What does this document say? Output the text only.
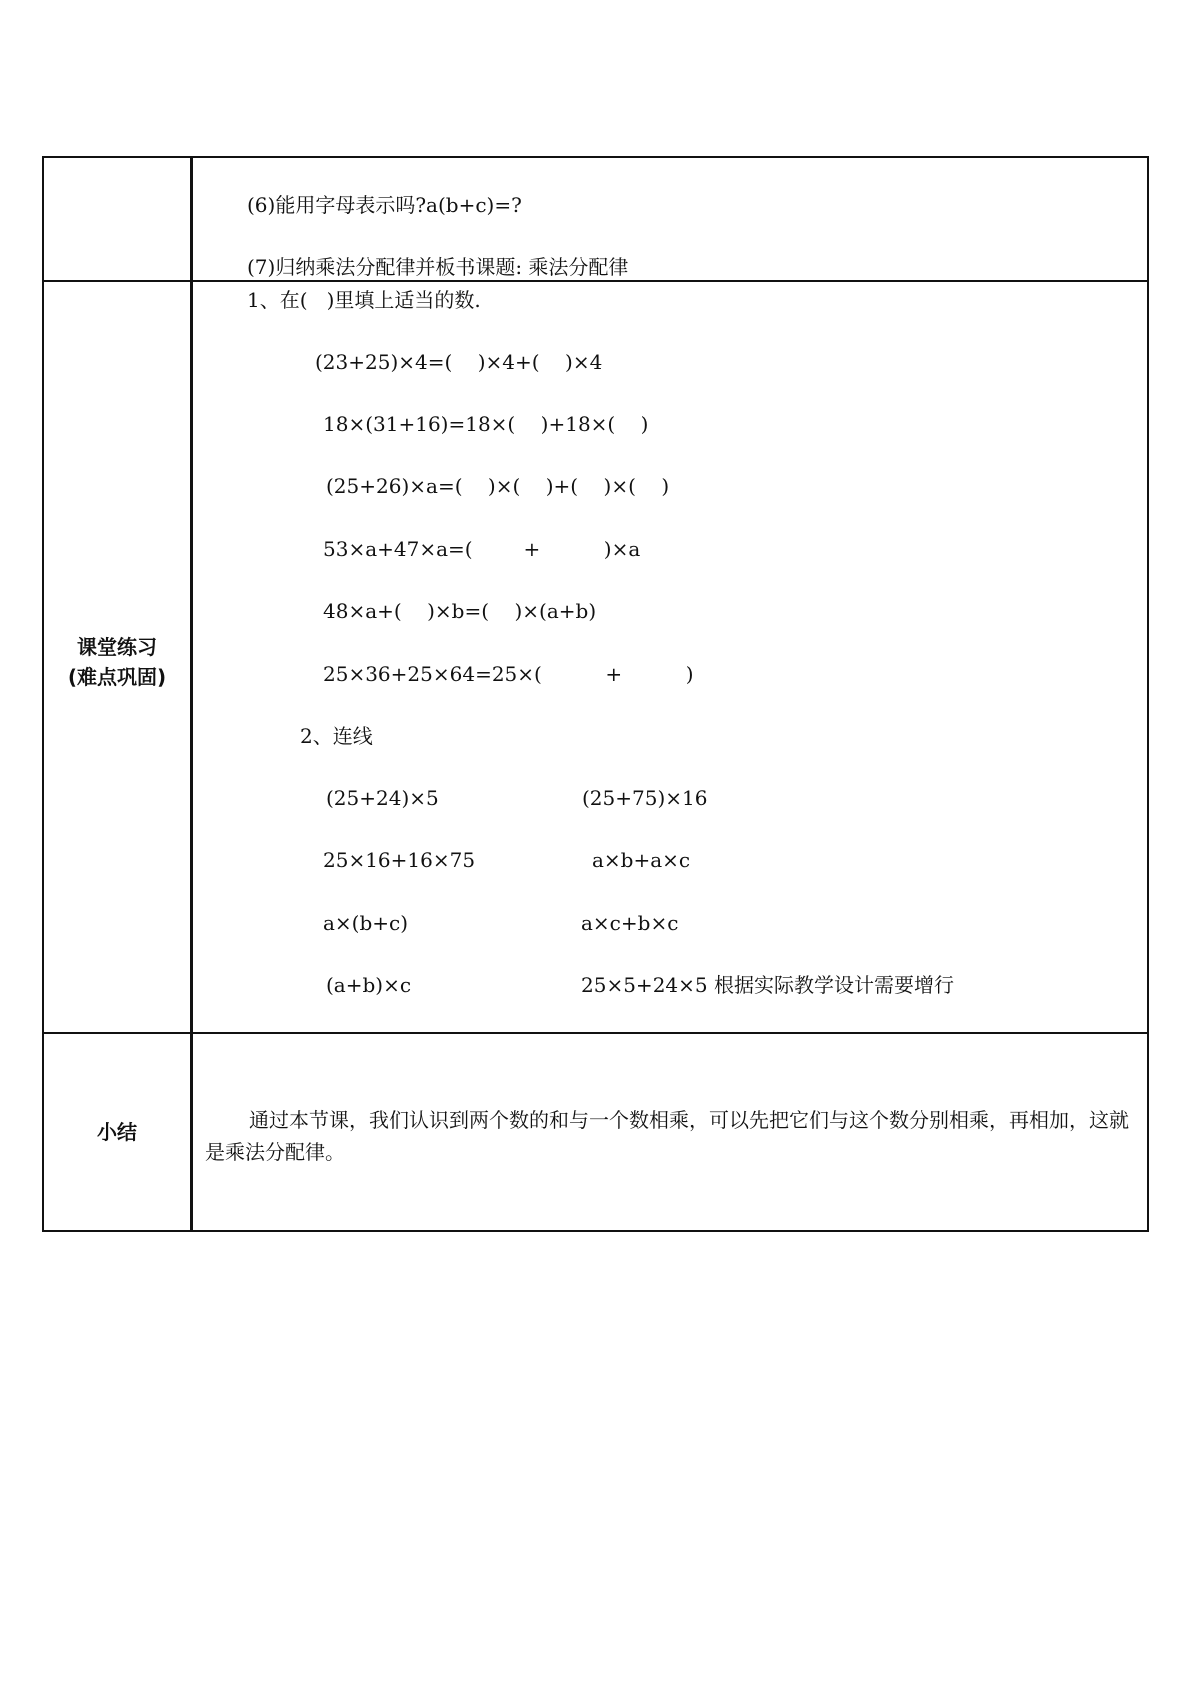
(6)能用字母表示吗?a(b+c)=?
(7)归纳乘法分配律并板书课题: 乘法分配律
课堂练习
(难点巩固)
1、在(   )里填上适当的数.
(23+25)×4=(    )×4+(    )×4
18×(31+16)=18×(    )+18×(    )
(25+26)×a=(    )×(    )+(    )×(    )
53×a+47×a=(        +          )×a
48×a+(    )×b=(    )×(a+b)
25×36+25×64=25×(          +          )
2、连线
(25+24)×5
25×16+16×75
a×(b+c)
(a+b)×c
(25+75)×16
a×b+a×c
a×c+b×c
25×5+24×5 根据实际教学设计需要增行
小结	通过本节课，我们认识到两个数的和与一个数相乘，可以先把它们与这个数分别相乘，再相加，这就是乘法分配律。
